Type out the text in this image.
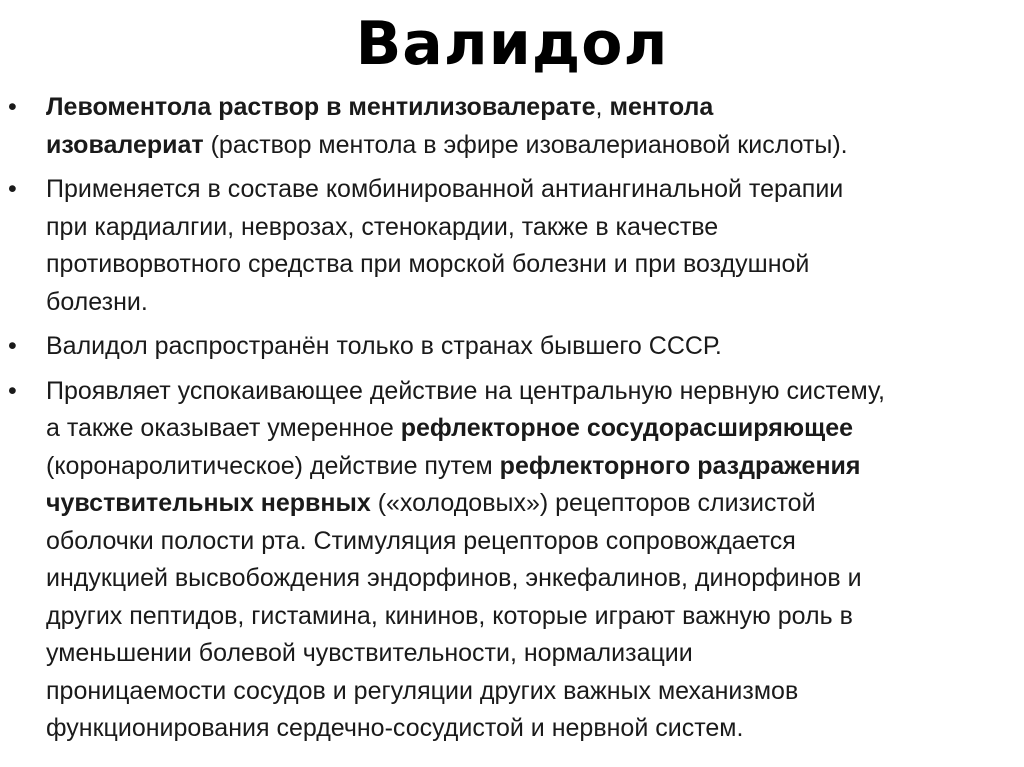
Валидол
• Левоментола раствор в ментилизовалерате, ментола
изовалериат (раствор ментола в эфире изовалериановой кислоты).
• Применяется в составе комбинированной антиангинальной терапии
при кардиалгии, неврозах, стенокардии, также в качестве
противорвотного средства при морской болезни и при воздушной
болезни.
• Валидол распространён только в странах бывшего СССР.
• Проявляет успокаивающее действие на центральную нервную систему,
а также оказывает умеренное рефлекторное сосудорасширяющее
(коронаролитическое) действие путем рефлекторного раздражения
чувствительных нервных («холодовых») рецепторов слизистой
оболочки полости рта. Стимуляция рецепторов сопровождается
индукцией высвобождения эндорфинов, энкефалинов, динорфинов и
других пептидов, гистамина, кининов, которые играют важную роль в
уменьшении болевой чувствительности, нормализации
проницаемости сосудов и регуляции других важных механизмов
функционирования сердечно-сосудистой и нервной систем.
